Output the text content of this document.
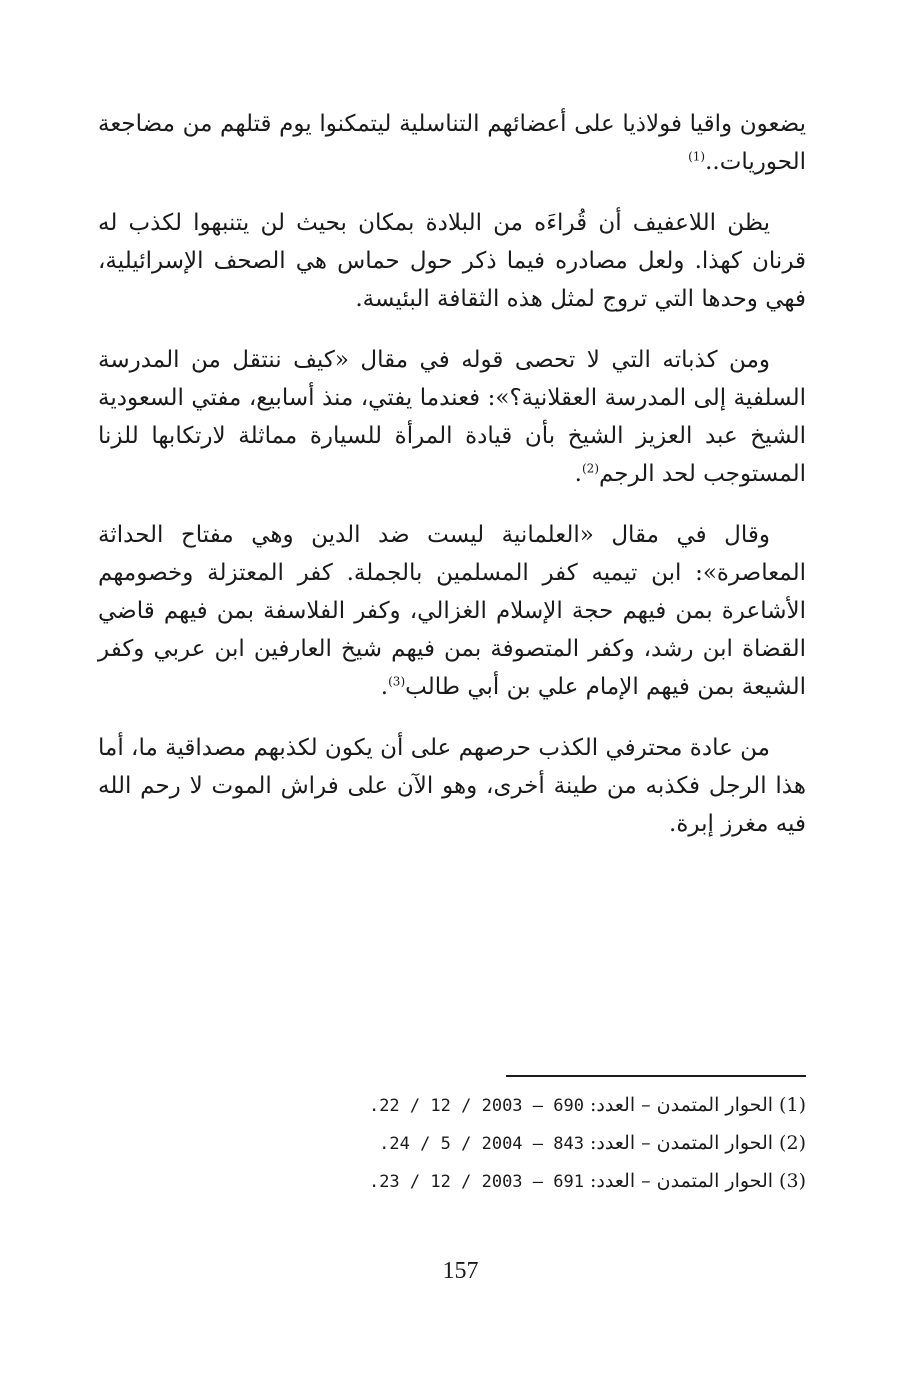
يضعون واقيا فولاذيا على أعضائهم التناسلية ليتمكنوا يوم قتلهم من مضاجعة الحوريات..$^{(1)}$

يظن اللاعفيف أن قُراءَه من البلادة بمكان بحيث لن يتنبهوا لكذب له قرنان كهذا. ولعل مصادره فيما ذكر حول حماس هي الصحف الإسرائيلية، فهي وحدها التي تروج لمثل هذه الثقافة البئيسة.

ومن كذباته التي لا تحصى قوله في مقال «كيف ننتقل من المدرسة السلفية إلى المدرسة العقلانية؟»: فعندما يفتي، منذ أسابيع، مفتي السعودية الشيخ عبد العزيز الشيخ بأن قيادة المرأة للسيارة مماثلة لارتكابها للزنا المستوجب لحد الرجم$^{(2)}$.

وقال في مقال «العلمانية ليست ضد الدين وهي مفتاح الحداثة المعاصرة»: ابن تيميه كفر المسلمين بالجملة. كفر المعتزلة وخصومهم الأشاعرة بمن فيهم حجة الإسلام الغزالي، وكفر الفلاسفة بمن فيهم قاضي القضاة ابن رشد، وكفر المتصوفة بمن فيهم شيخ العارفين ابن عربي وكفر الشيعة بمن فيهم الإمام علي بن أبي طالب$^{(3)}$.

من عادة محترفي الكذب حرصهم على أن يكون لكذبهم مصداقية ما، أما هذا الرجل فكذبه من طينة أخرى، وهو الآن على فراش الموت لا رحم الله فيه مغرز إبرة.

(1) الحوار المتمدن – العدد: 690 – 2003 / 12 / 22.
(2) الحوار المتمدن – العدد: 843 – 2004 / 5 / 24.
(3) الحوار المتمدن – العدد: 691 – 2003 / 12 / 23.
157
